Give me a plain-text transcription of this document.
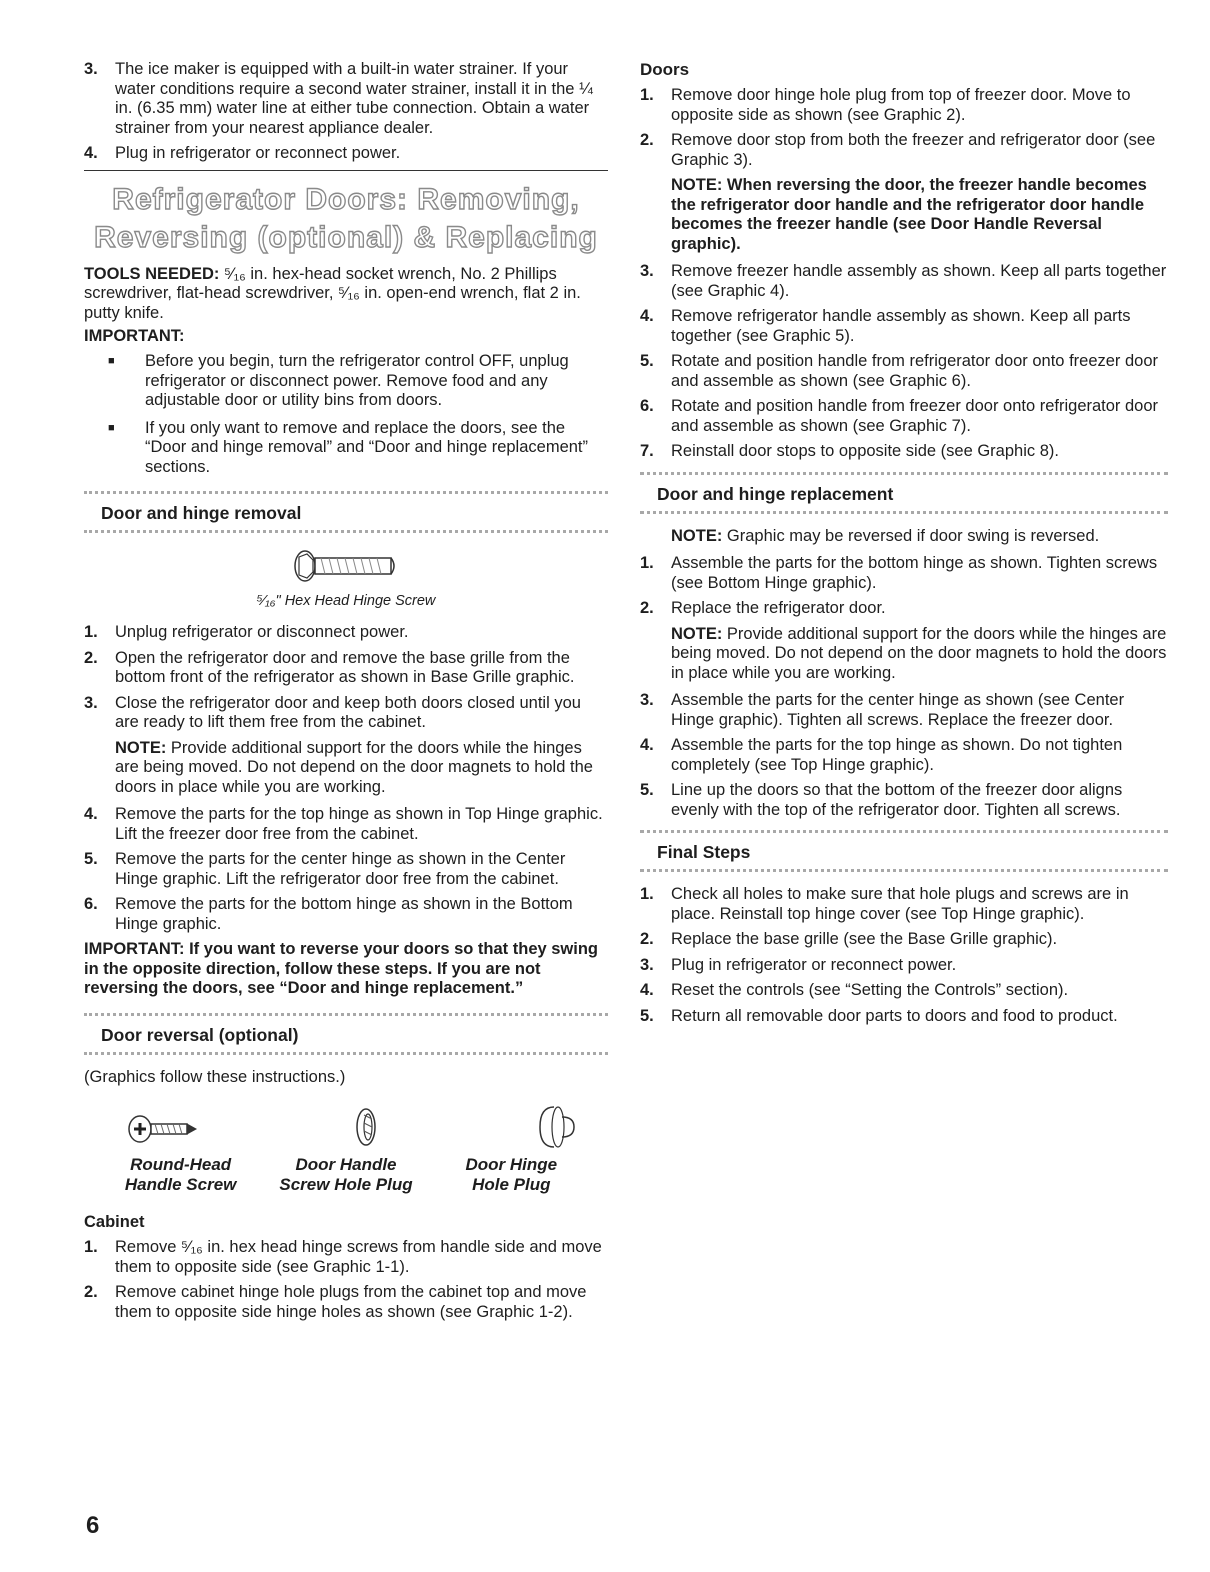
3.	The ice maker is equipped with a built-in water strainer. If your water conditions require a second water strainer, install it in the ¼ in. (6.35 mm) water line at either tube connection. Obtain a water strainer from your nearest appliance dealer.
4.	Plug in refrigerator or reconnect power.
Refrigerator Doors: Removing,
Reversing (optional) & Replacing

TOOLS NEEDED: ⁵⁄₁₆ in. hex-head socket wrench, No. 2 Phillips screwdriver, flat-head screwdriver, ⁵⁄₁₆ in. open-end wrench, flat 2 in. putty knife.

IMPORTANT:

■	Before you begin, turn the refrigerator control OFF, unplug refrigerator or disconnect power. Remove food and any adjustable door or utility bins from doors.
■	If you only want to remove and replace the doors, see the “Door and hinge removal” and “Door and hinge replacement” sections.
Door and hinge removal
⁵⁄₁₆" Hex Head Hinge Screw
1.	Unplug refrigerator or disconnect power.
2.	Open the refrigerator door and remove the base grille from the bottom front of the refrigerator as shown in Base Grille graphic.
3.	Close the refrigerator door and keep both doors closed until you are ready to lift them free from the cabinet.

NOTE: Provide additional support for the doors while the hinges are being moved. Do not depend on the door magnets to hold the doors in place while you are working.

4.	Remove the parts for the top hinge as shown in Top Hinge graphic. Lift the freezer door free from the cabinet.
5.	Remove the parts for the center hinge as shown in the Center Hinge graphic. Lift the refrigerator door free from the cabinet.
6.	Remove the parts for the bottom hinge as shown in the Bottom Hinge graphic.

IMPORTANT: If you want to reverse your doors so that they swing in the opposite direction, follow these steps. If you are not reversing the doors, see “Door and hinge replacement.”

Door reversal (optional)

(Graphics follow these instructions.)

Round-Head
Handle Screw
Door Handle
Screw Hole Plug
Door Hinge
Hole Plug

Cabinet

1.	Remove ⁵⁄₁₆ in. hex head hinge screws from handle side and move them to opposite side (see Graphic 1-1).
2.	Remove cabinet hinge hole plugs from the cabinet top and move them to opposite side hinge holes as shown (see Graphic 1-2).

Doors

1.	Remove door hinge hole plug from top of freezer door. Move to opposite side as shown (see Graphic 2).
2.	Remove door stop from both the freezer and refrigerator door (see Graphic 3).

NOTE: When reversing the door, the freezer handle becomes the refrigerator door handle and the refrigerator door handle becomes the freezer handle (see Door Handle Reversal graphic).

3.	Remove freezer handle assembly as shown. Keep all parts together (see Graphic 4).
4.	Remove refrigerator handle assembly as shown. Keep all parts together (see Graphic 5).
5.	Rotate and position handle from refrigerator door onto freezer door and assemble as shown (see Graphic 6).
6.	Rotate and position handle from freezer door onto refrigerator door and assemble as shown (see Graphic 7).
7.	Reinstall door stops to opposite side (see Graphic 8).
Door and hinge replacement

NOTE: Graphic may be reversed if door swing is reversed.

1.	Assemble the parts for the bottom hinge as shown. Tighten screws (see Bottom Hinge graphic).
2.	Replace the refrigerator door.

NOTE: Provide additional support for the doors while the hinges are being moved. Do not depend on the door magnets to hold the doors in place while you are working.

3.	Assemble the parts for the center hinge as shown (see Center Hinge graphic). Tighten all screws. Replace the freezer door.
4.	Assemble the parts for the top hinge as shown. Do not tighten completely (see Top Hinge graphic).
5.	Line up the doors so that the bottom of the freezer door aligns evenly with the top of the refrigerator door. Tighten all screws.
Final Steps
1.	Check all holes to make sure that hole plugs and screws are in place. Reinstall top hinge cover (see Top Hinge graphic).
2.	Replace the base grille (see the Base Grille graphic).
3.	Plug in refrigerator or reconnect power.
4.	Reset the controls (see “Setting the Controls” section).
5.	Return all removable door parts to doors and food to product.
6
